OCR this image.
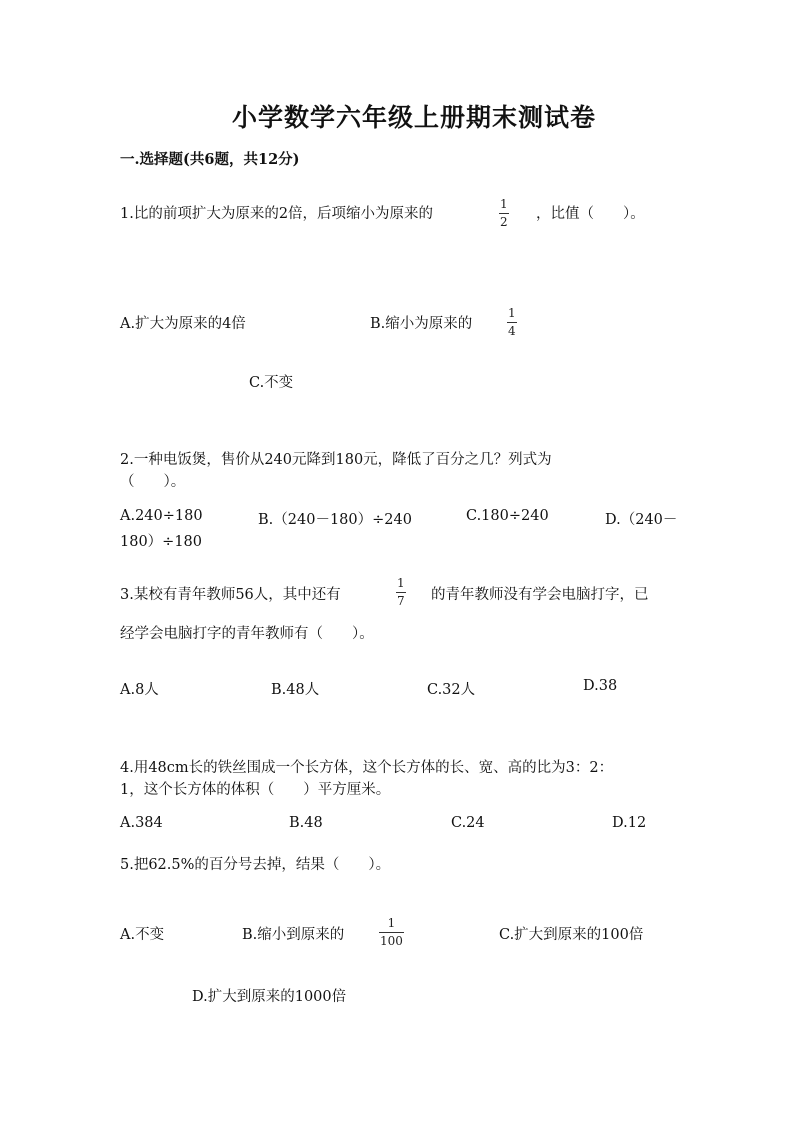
小学数学六年级上册期末测试卷
一.选择题(共6题，共12分)
1.比的前项扩大为原来的2倍，后项缩小为原来的
1
2 ，比值（　　）。
A.扩大为原来的4倍	B.缩小为原来的
1
4
C.不变
2.一种电饭煲，售价从240元降到180元，降低了百分之几？列式为
（　　）。
A.240÷180	B.（240－180）÷240	C.180÷240	D.（240－
180）÷180
3.某校有青年教师56人，其中还有
1
7 的青年教师没有学会电脑打字，已
经学会电脑打字的青年教师有（　　）。
A.8人	B.48人	C.32人	D.38
4.用48cm长的铁丝围成一个长方体，这个长方体的长、宽、高的比为3：2：
1，这个长方体的体积（　　）平方厘米。
A.384	B.48	C.24	D.12
5.把62.5%的百分号去掉，结果（　　）。
A.不变	B.缩小到原来的
1
100	C.扩大到原来的100倍
D.扩大到原来的1000倍
